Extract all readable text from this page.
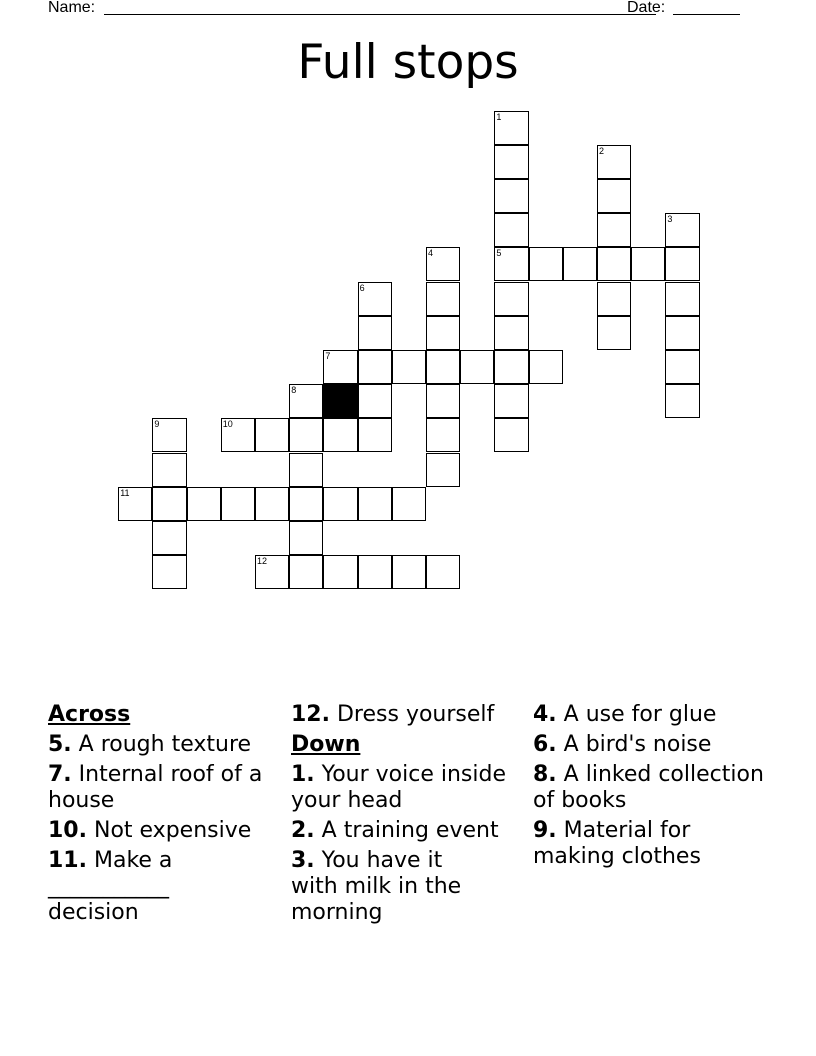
Name:	Date:
Full stops
1
5
2
3
4
6
7
8
10
9
11
12
Across
5. A rough texture
7. Internal roof of a house
10. Not expensive
11. Make a ___________ decision
12. Dress yourself
Down
1. Your voice inside your head
2. A training event
3. You have it with milk in the morning
4. A use for glue
6. A bird's noise
8. A linked collection of books
9. Material for making clothes
